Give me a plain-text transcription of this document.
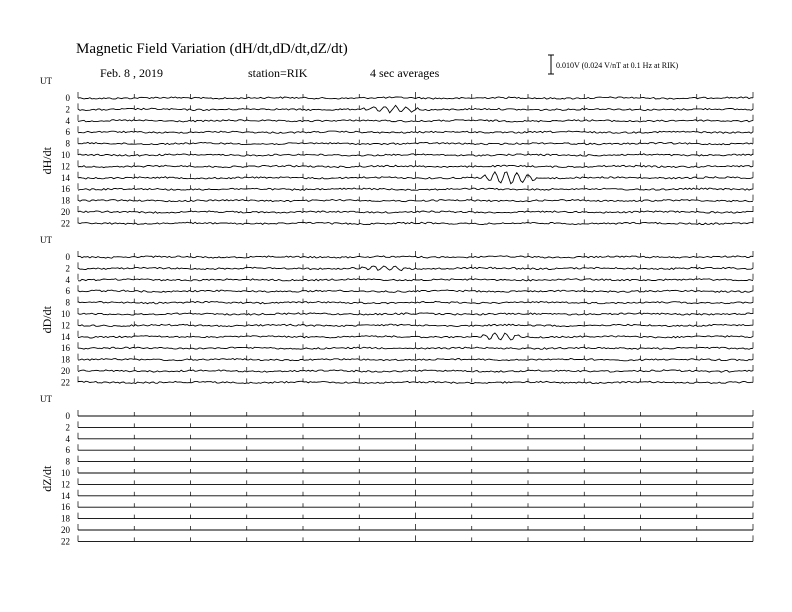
Magnetic Field Variation (dH/dt,dD/dt,dZ/dt)
Feb. 8 , 2019	station=RIK	4 sec averages
0.010V (0.024 V/nT at 0.1 Hz at RIK)
UT
dH/dt
0
2
4
6
8
10
12
14
16
18
20
22
UT
dD/dt
0
2
4
6
8
10
12
14
16
18
20
22
UT
dZ/dt
0
2
4
6
8
10
12
14
16
18
20
22
